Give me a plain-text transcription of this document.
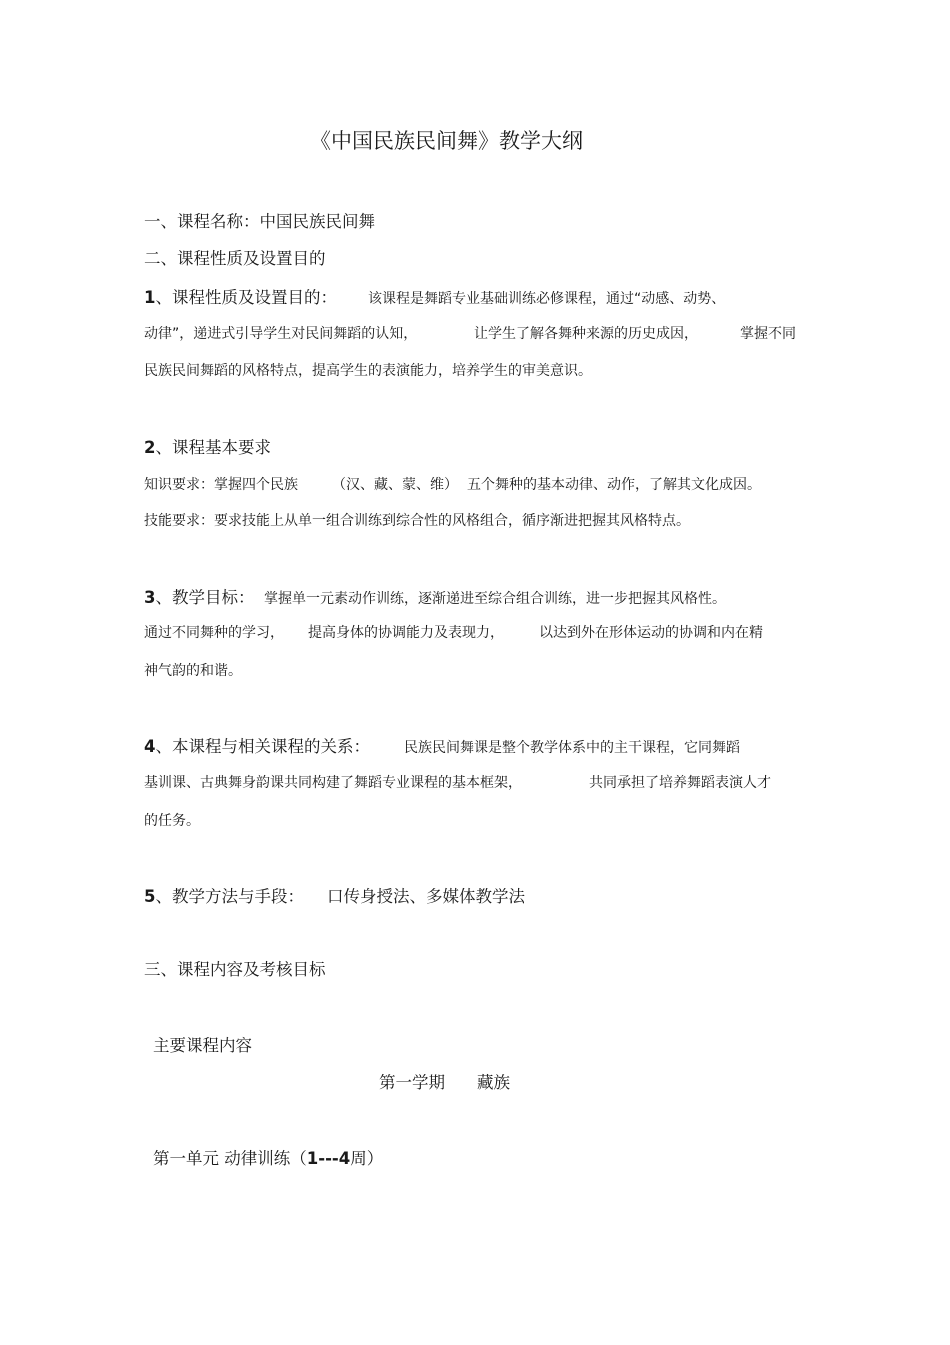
《中国民族民间舞》教学大纲
一、课程名称：中国民族民间舞
二、课程性质及设置目的
1、课程性质及设置目的： 该课程是舞蹈专业基础训练必修课程，通过“动感、动势、
动律”，递进式引导学生对民间舞蹈的认知，	让学生了解各舞种来源的历史成因，	掌握不同
民族民间舞蹈的风格特点，提高学生的表演能力，培养学生的审美意识。
2、课程基本要求
知识要求：掌握四个民族 （汉、藏、蒙、维） 五个舞种的基本动律、动作，了解其文化成因。
技能要求：要求技能上从单一组合训练到综合性的风格组合，循序渐进把握其风格特点。
3、教学目标： 掌握单一元素动作训练，逐渐递进至综合组合训练，进一步把握其风格性。
通过不同舞种的学习， 提高身体的协调能力及表现力，	以达到外在形体运动的协调和内在精
神气韵的和谐。
4、本课程与相关课程的关系： 民族民间舞课是整个教学体系中的主干课程，它同舞蹈
基训课、古典舞身韵课共同构建了舞蹈专业课程的基本框架，	共同承担了培养舞蹈表演人才
的任务。
5、教学方法与手段： 口传身授法、多媒体教学法
三、课程内容及考核目标
主要课程内容
第一学期 藏族
第一单元 动律训练（1---4周）
